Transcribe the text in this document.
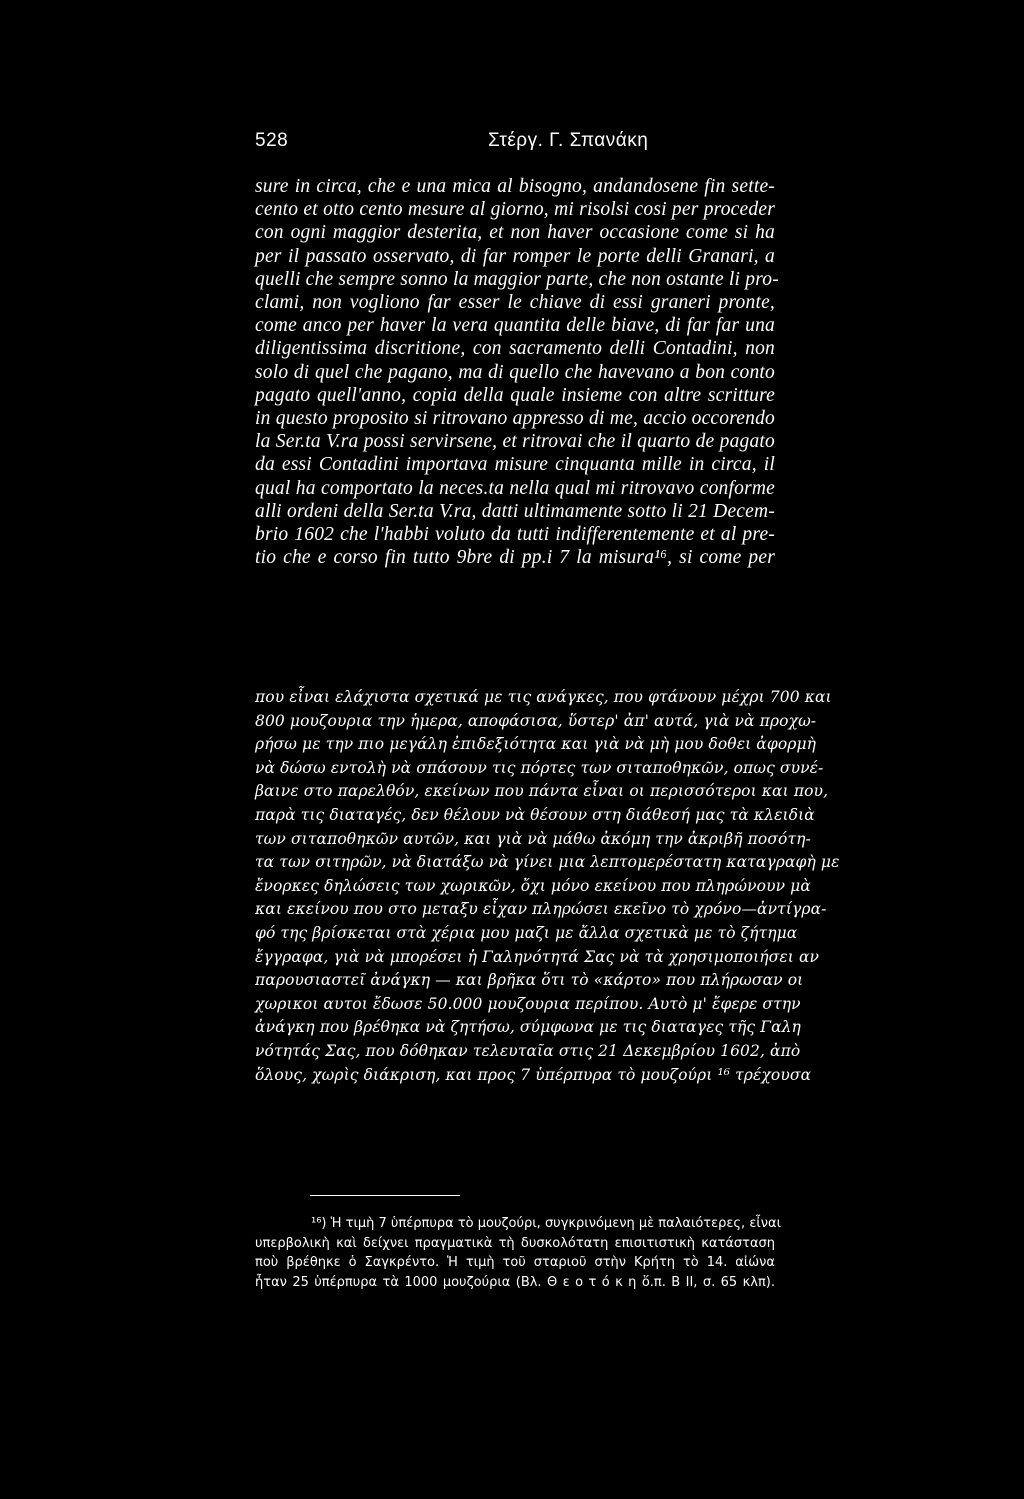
528	Στέργ. Γ. Σπανάκη
sure in circa, che e una mica al bisogno, andandosene fin sette-
cento et otto cento mesure al giorno, mi risolsi cosi per proceder
con ogni maggior desterita, et non haver occasione come si ha
per il passato osservato, di far romper le porte delli Granari, a
quelli che sempre sonno la maggior parte, che non ostante li pro-
clami, non vogliono far esser le chiave di essi graneri pronte,
come anco per haver la vera quantita delle biave, di far far una
diligentissima discritione, con sacramento delli Contadini, non
solo di quel che pagano, ma di quello che havevano a bon conto
pagato quell'anno, copia della quale insieme con altre scritture
in questo proposito si ritrovano appresso di me, accio occorendo
la Ser.ta V.ra possi servirsene, et ritrovai che il quarto de pagato
da essi Contadini importava misure cinquanta mille in circa, il
qual ha comportato la neces.ta nella qual mi ritrovavo conforme
alli ordeni della Ser.ta V.ra, datti ultimamente sotto li 21 Decem-
brio 1602 che l'habbi voluto da tutti indifferentemente et al pre-
tio che e corso fin tutto 9bre di pp.i 7 la misura¹⁶, si come per
που εἶναι ελάχιστα σχετικά με τις ανάγκες, που φτάνουν μέχρι 700 και
800 μουζουρια την ἡμερα, αποφάσισα, ὕστερ' ἀπ' αυτά, γιὰ νὰ προχω-
ρήσω με την πιο μεγάλη ἐπιδεξιότητα και γιὰ νὰ μὴ μου δοθει ἀφορμὴ
νὰ δώσω εντολὴ νὰ σπάσουν τις πόρτες των σιταποθηκῶν, οπως συνέ-
βαινε στο παρελθόν, εκείνων που πάντα εἶναι οι περισσότεροι και που,
παρὰ τις διαταγές, δεν θέλουν νὰ θέσουν στη διάθεσή μας τὰ κλειδιὰ
των σιταποθηκῶν αυτῶν, και γιὰ νὰ μάθω ἀκόμη την ἀκριβῆ ποσότη-
τα των σιτηρῶν, νὰ διατάξω νὰ γίνει μια λεπτομερέστατη καταγραφὴ με
ἔνορκες δηλώσεις των χωρικῶν, ὄχι μόνο εκείνου που πληρώνουν μὰ
και εκείνου που στο μεταξυ εἶχαν πληρώσει εκεῖνο τὸ χρόνο—ἀντίγρα-
φό της βρίσκεται στὰ χέρια μου μαζι με ἄλλα σχετικὰ με τὸ ζήτημα
ἔγγραφα, γιὰ νὰ μπορέσει ἡ Γαληνότητά Σας νὰ τὰ χρησιμοποιήσει αν
παρουσιαστεῖ ἀνάγκη — και βρῆκα ὅτι τὸ «κάρτο» που πλήρωσαν οι
χωρικοι αυτοι ἔδωσε 50.000 μουζουρια περίπου. Αυτὸ μ' ἔφερε στην
ἀνάγκη που βρέθηκα νὰ ζητήσω, σύμφωνα με τις διαταγες τῆς Γαλη
νότητάς Σας, που δόθηκαν τελευταῖα στις 21 Δεκεμβρίου 1602, ἀπὸ
ὅλους, χωρὶς διάκριση, και προς 7 ὑπέρπυρα τὸ μουζούρι ¹⁶ τρέχουσα
¹⁶) Ἡ τιμὴ 7 ὑπέρπυρα τὸ μουζούρι, συγκρινόμενη μὲ παλαιότερες, εἶναι
υπερβολικὴ καὶ δείχνει πραγματικὰ τὴ δυσκολότατη επισιτιστικὴ κατάσταση
ποὺ βρέθηκε ὁ Σαγκρέντο. Ἡ τιμὴ τοῦ σταριοῦ στὴν Κρήτη τὸ 14. αἰώνα
ἦταν 25 ὑπέρπυρα τὰ 1000 μουζούρια (Βλ. Θ ε ο τ ό κ η ὅ.π. Β ΙΙ, σ. 65 κλπ).
